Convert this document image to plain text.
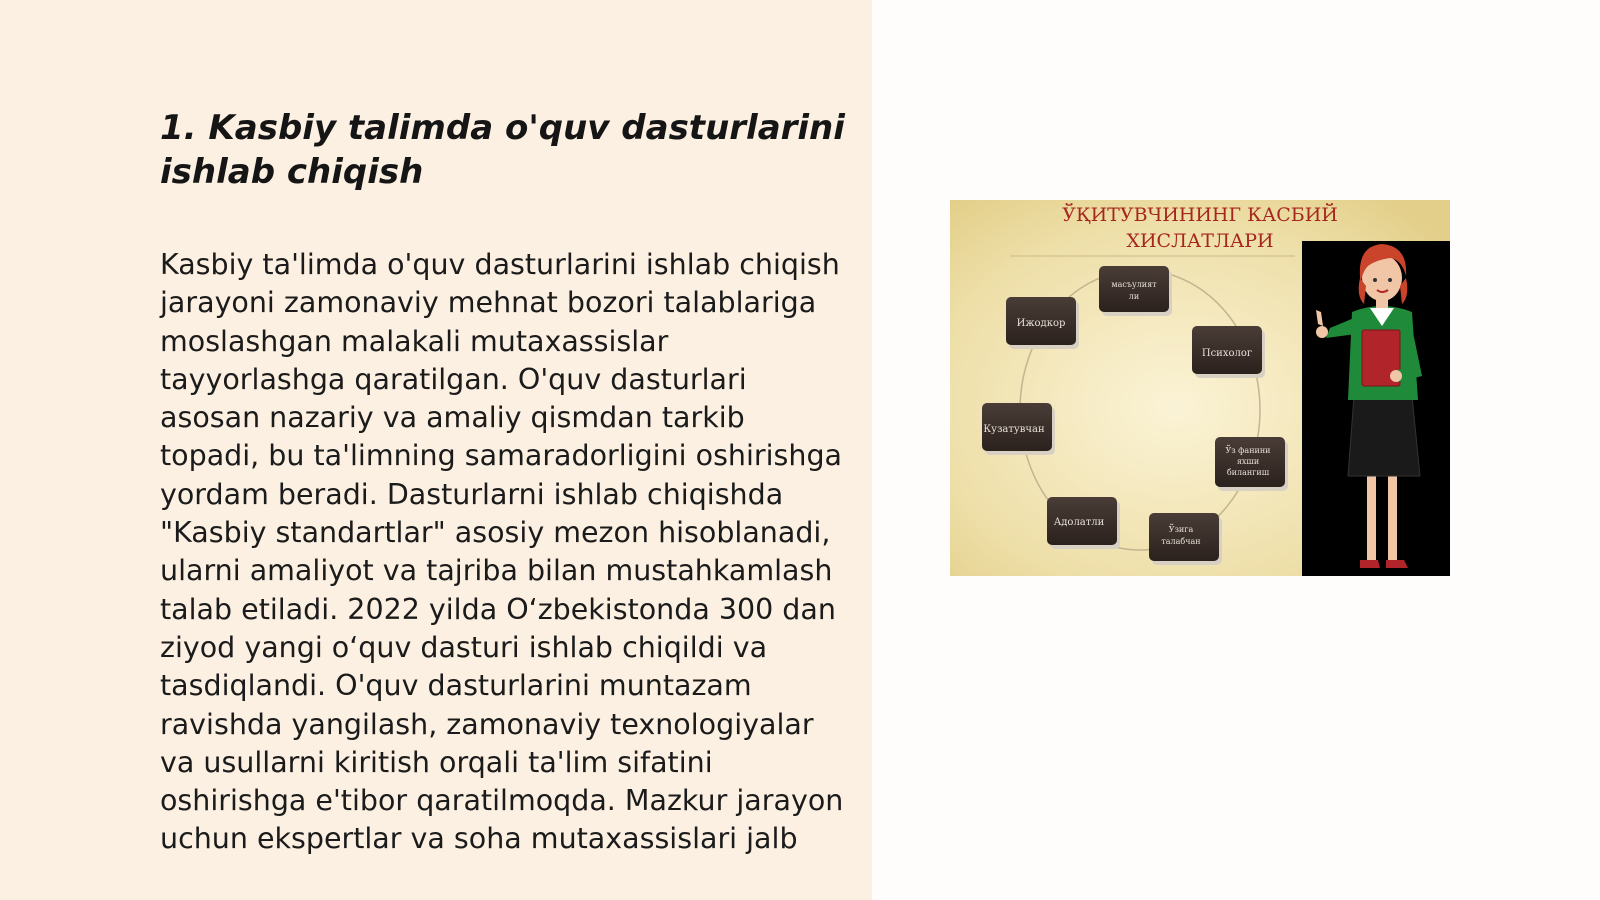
1. Kasbiy talimda o'quv dasturlarini ishlab chiqish

Kasbiy ta'limda o'quv dasturlarini ishlab chiqish jarayoni zamonaviy mehnat bozori talablariga moslashgan malakali mutaxassislar tayyorlashga qaratilgan. O'quv dasturlari asosan nazariy va amaliy qismdan tarkib topadi, bu ta'limning samaradorligini oshirishga yordam beradi. Dasturlarni ishlab chiqishda "Kasbiy standartlar" asosiy mezon hisoblanadi, ularni amaliyot va tajriba bilan mustahkamlash talab etiladi. 2022 yilda O‘zbekistonda 300 dan ziyod yangi o‘quv dasturi ishlab chiqildi va tasdiqlandi. O'quv dasturlarini muntazam ravishda yangilash, zamonaviy texnologiyalar va usullarni kiritish orqali ta'lim sifatini oshirishga e'tibor qaratilmoqda. Mazkur jarayon uchun ekspertlar va soha mutaxassislari jalb

ЎҚИТУВЧИНИНГ КАСБИЙ
ХИСЛАТЛАРИ
масъулият
ли
Ижодкор
Психолог
Кузатувчан
Ўз фанини
яхши
билангиш
Адолатли
Ўзига
талабчан
